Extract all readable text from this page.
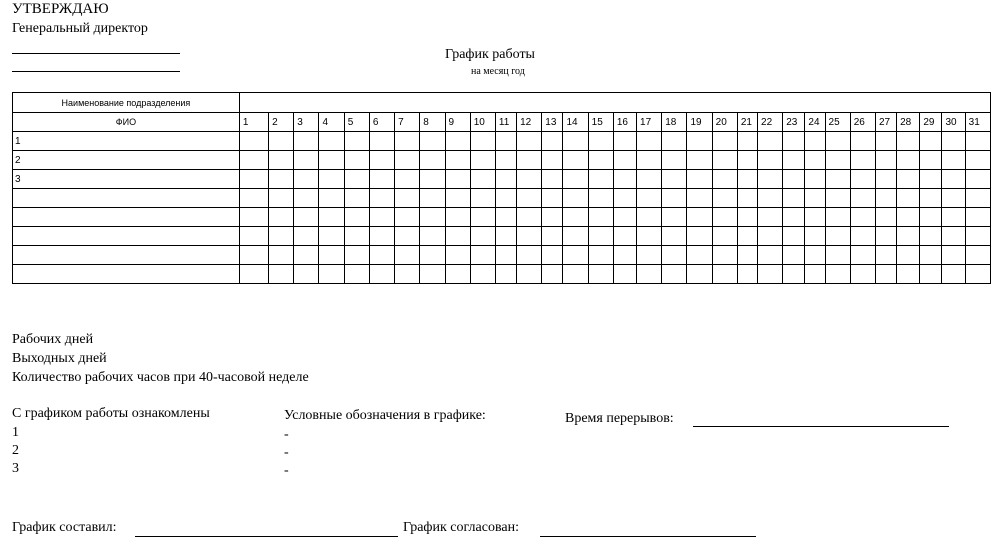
УТВЕРЖДАЮ
Генеральный директор
График работы
на месяц год
Наименование подразделения																															
ФИО	1	2	3	4	5	6	7	8	9	10	11	12	13	14	15	16	17	18	19	20	21	22	23	24	25	26	27	28	29	30	31
1																															
2																															
3																															

Рабочих дней
Выходных дней
Количество рабочих часов при 40-часовой неделе
С графиком работы ознакомлены
1
2
3
Условные обозначения в графике:
-
-
-
Время перерывов:
График составил:	График согласован:
